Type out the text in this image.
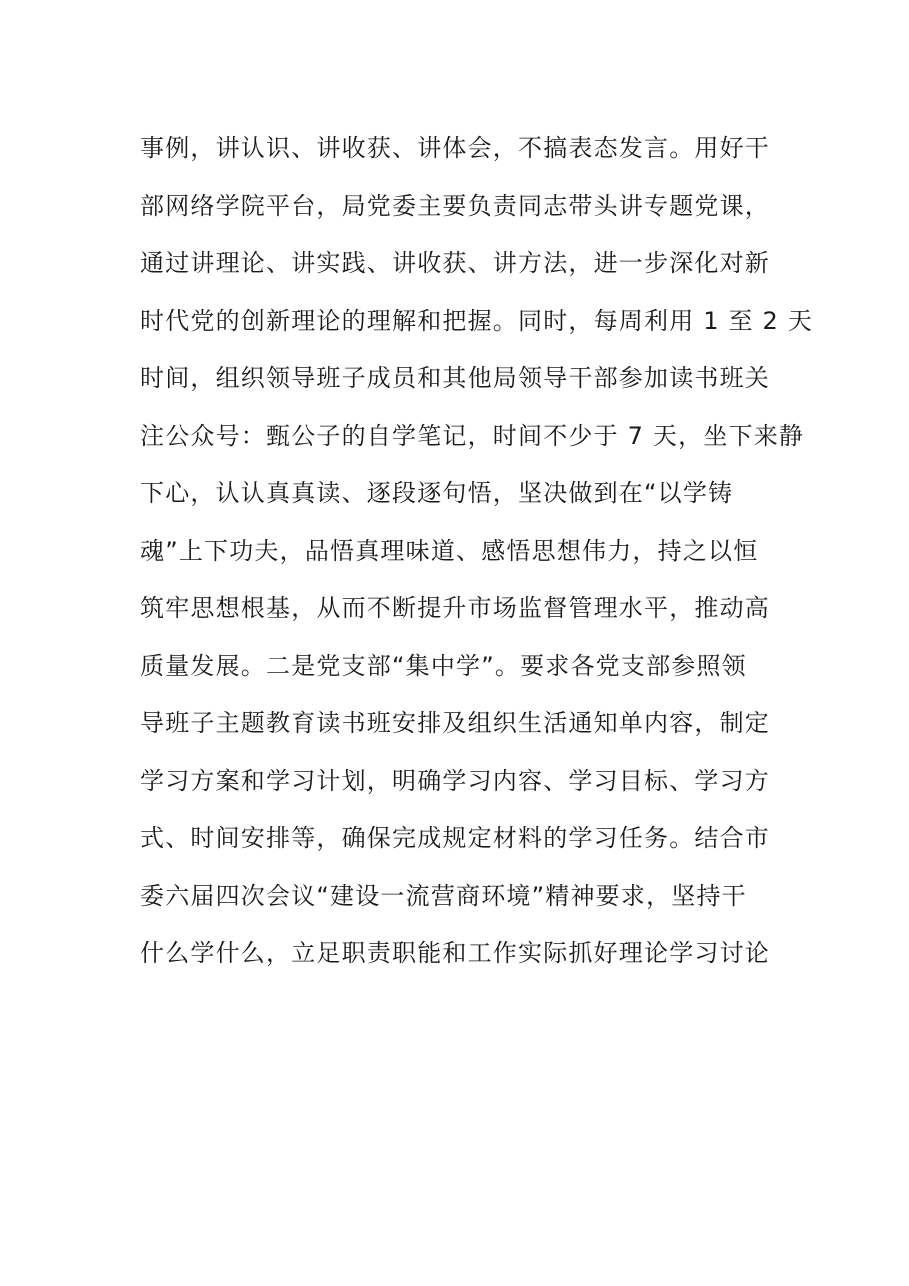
事例，讲认识、讲收获、讲体会，不搞表态发言。用好干
部网络学院平台，局党委主要负责同志带头讲专题党课，
通过讲理论、讲实践、讲收获、讲方法，进一步深化对新
时代党的创新理论的理解和把握。同时，每周利用 1 至 2 天
时间，组织领导班子成员和其他局领导干部参加读书班关
注公众号：甄公子的自学笔记，时间不少于 7 天，坐下来静
下心，认认真真读、逐段逐句悟，坚决做到在“以学铸
魂”上下功夫，品悟真理味道、感悟思想伟力，持之以恒
筑牢思想根基，从而不断提升市场监督管理水平，推动高
质量发展。二是党支部“集中学”。要求各党支部参照领
导班子主题教育读书班安排及组织生活通知单内容，制定
学习方案和学习计划，明确学习内容、学习目标、学习方
式、时间安排等，确保完成规定材料的学习任务。结合市
委六届四次会议“建设一流营商环境”精神要求，坚持干
什么学什么，立足职责职能和工作实际抓好理论学习讨论
